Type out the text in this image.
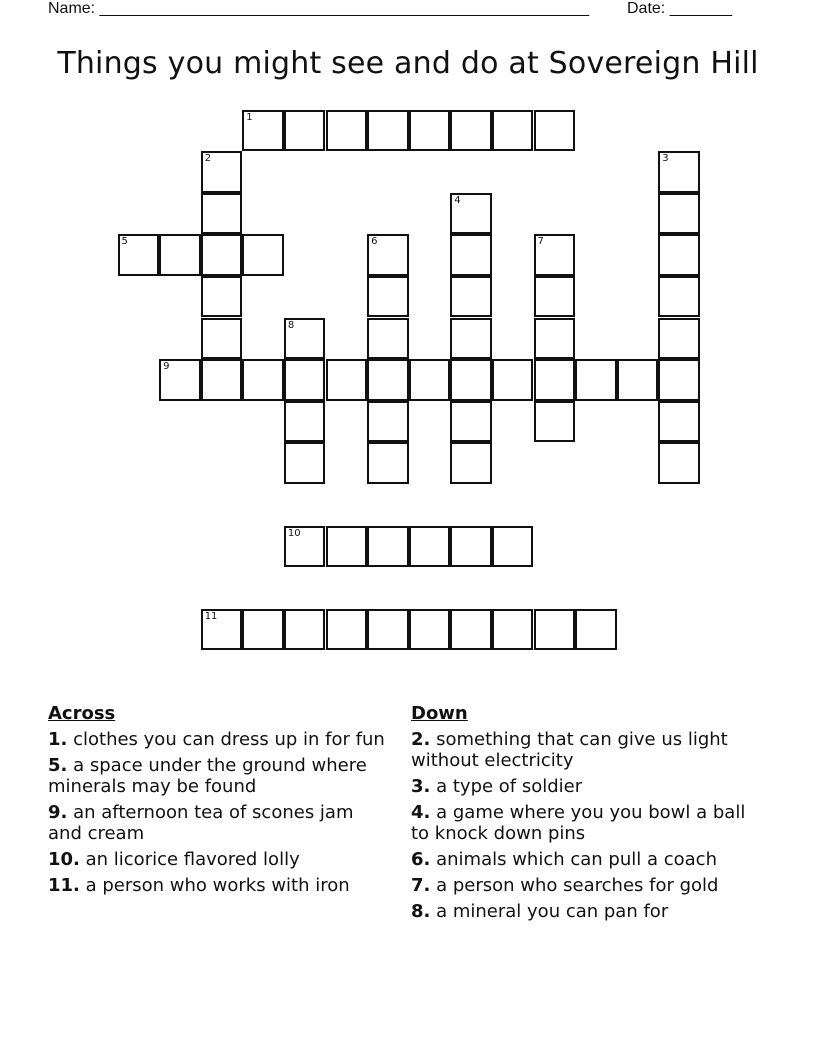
Name: _______________________________________________________ Date: _______
Things you might see and do at Sovereign Hill
1
2	3
4
5	6	7
8
9
10
11
Across
1. clothes you can dress up in for fun
5. a space under the ground where minerals may be found
9. an afternoon tea of scones jam and cream
10. an licorice flavored lolly
11. a person who works with iron
Down
2. something that can give us light without electricity
3. a type of soldier
4. a game where you you bowl a ball to knock down pins
6. animals which can pull a coach
7. a person who searches for gold
8. a mineral you can pan for
